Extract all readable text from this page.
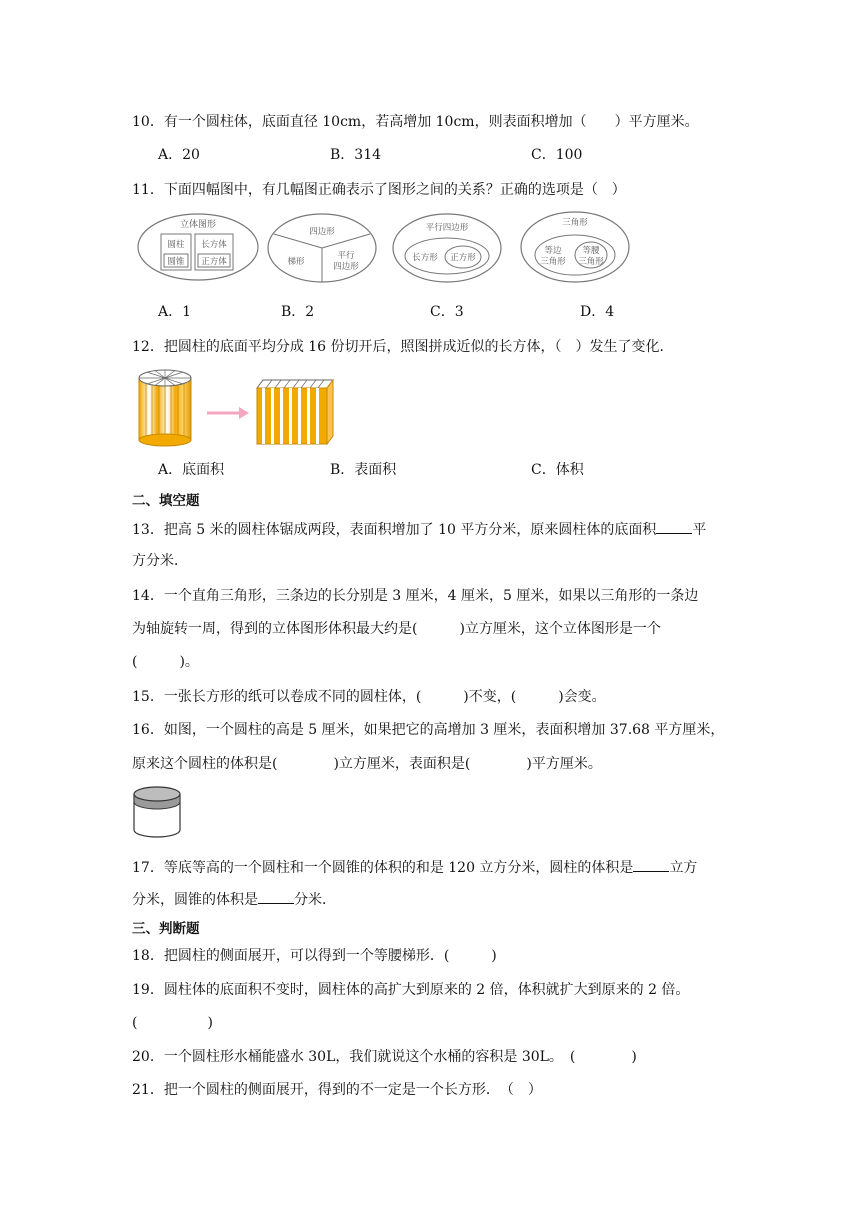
10．有一个圆柱体，底面直径 10cm，若高增加 10cm，则表面积增加（　　）平方厘米。
A．20	B．314	C．100
11．下面四幅图中，有几幅图正确表示了图形之间的关系？正确的选项是（　）
立体图形
圆柱 长方体
圆锥 正方体
四边形
梯形
平行
四边形
平行四边形
长方形 正方形
三角形
等边
三角形
等腰
三角形
A．1	B．2	C．3	D．4
12．把圆柱的底面平均分成 16 份切开后，照图拼成近似的长方体，（　）发生了变化．
A．底面积	B．表面积	C．体积
二、填空题
13．把高 5 米的圆柱体锯成两段，表面积增加了 10 平方分米，原来圆柱体的底面积	平
方分米．
14．一个直角三角形，三条边的长分别是 3 厘米，4 厘米，5 厘米，如果以三角形的一条边
为轴旋转一周，得到的立体图形体积最大约是(　　　)立方厘米，这个立体图形是一个
(　　　)。
15．一张长方形的纸可以卷成不同的圆柱体，(　　　)不变，(　　　)会变。
16．如图，一个圆柱的高是 5 厘米，如果把它的高增加 3 厘米，表面积增加 37.68 平方厘米，
原来这个圆柱的体积是(　　　　)立方厘米，表面积是(　　　　)平方厘米。
17．等底等高的一个圆柱和一个圆锥的体积的和是 120 立方分米，圆柱的体积是	立方
分米，圆锥的体积是	分米．
三、判断题
18．把圆柱的侧面展开，可以得到一个等腰梯形．(　　　)
19．圆柱体的底面积不变时，圆柱体的高扩大到原来的 2 倍，体积就扩大到原来的 2 倍。
(　　　　　)
20．一个圆柱形水桶能盛水 30L，我们就说这个水桶的容积是 30L。　(　　　　)
21．把一个圆柱的侧面展开，得到的不一定是一个长方形．　（　）
